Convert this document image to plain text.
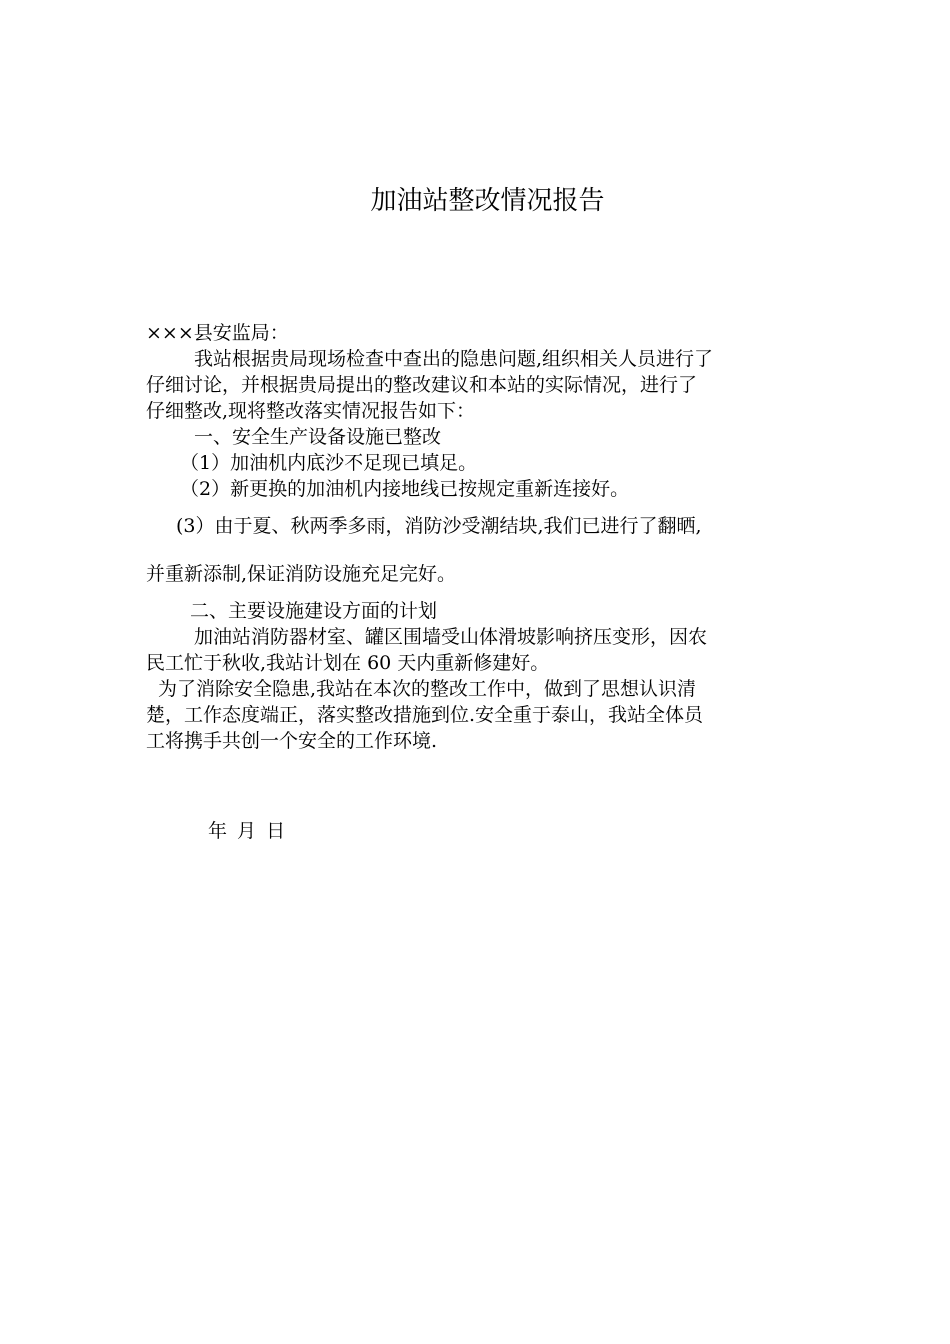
加油站整改情况报告
×××县安监局：
我站根据贵局现场检查中查出的隐患问题,组织相关人员进行了
仔细讨论，并根据贵局提出的整改建议和本站的实际情况，进行了
仔细整改,现将整改落实情况报告如下：
一、安全生产设备设施已整改
（1）加油机内底沙不足现已填足。
（2）新更换的加油机内接地线已按规定重新连接好。
(3）由于夏、秋两季多雨，消防沙受潮结块,我们已进行了翻晒,
并重新添制,保证消防设施充足完好。
二、主要设施建设方面的计划
加油站消防器材室、罐区围墙受山体滑坡影响挤压变形，因农
民工忙于秋收,我站计划在 60 天内重新修建好。
为了消除安全隐患,我站在本次的整改工作中，做到了思想认识清
楚，工作态度端正，落实整改措施到位.安全重于泰山，我站全体员
工将携手共创一个安全的工作环境.
年 月 日
